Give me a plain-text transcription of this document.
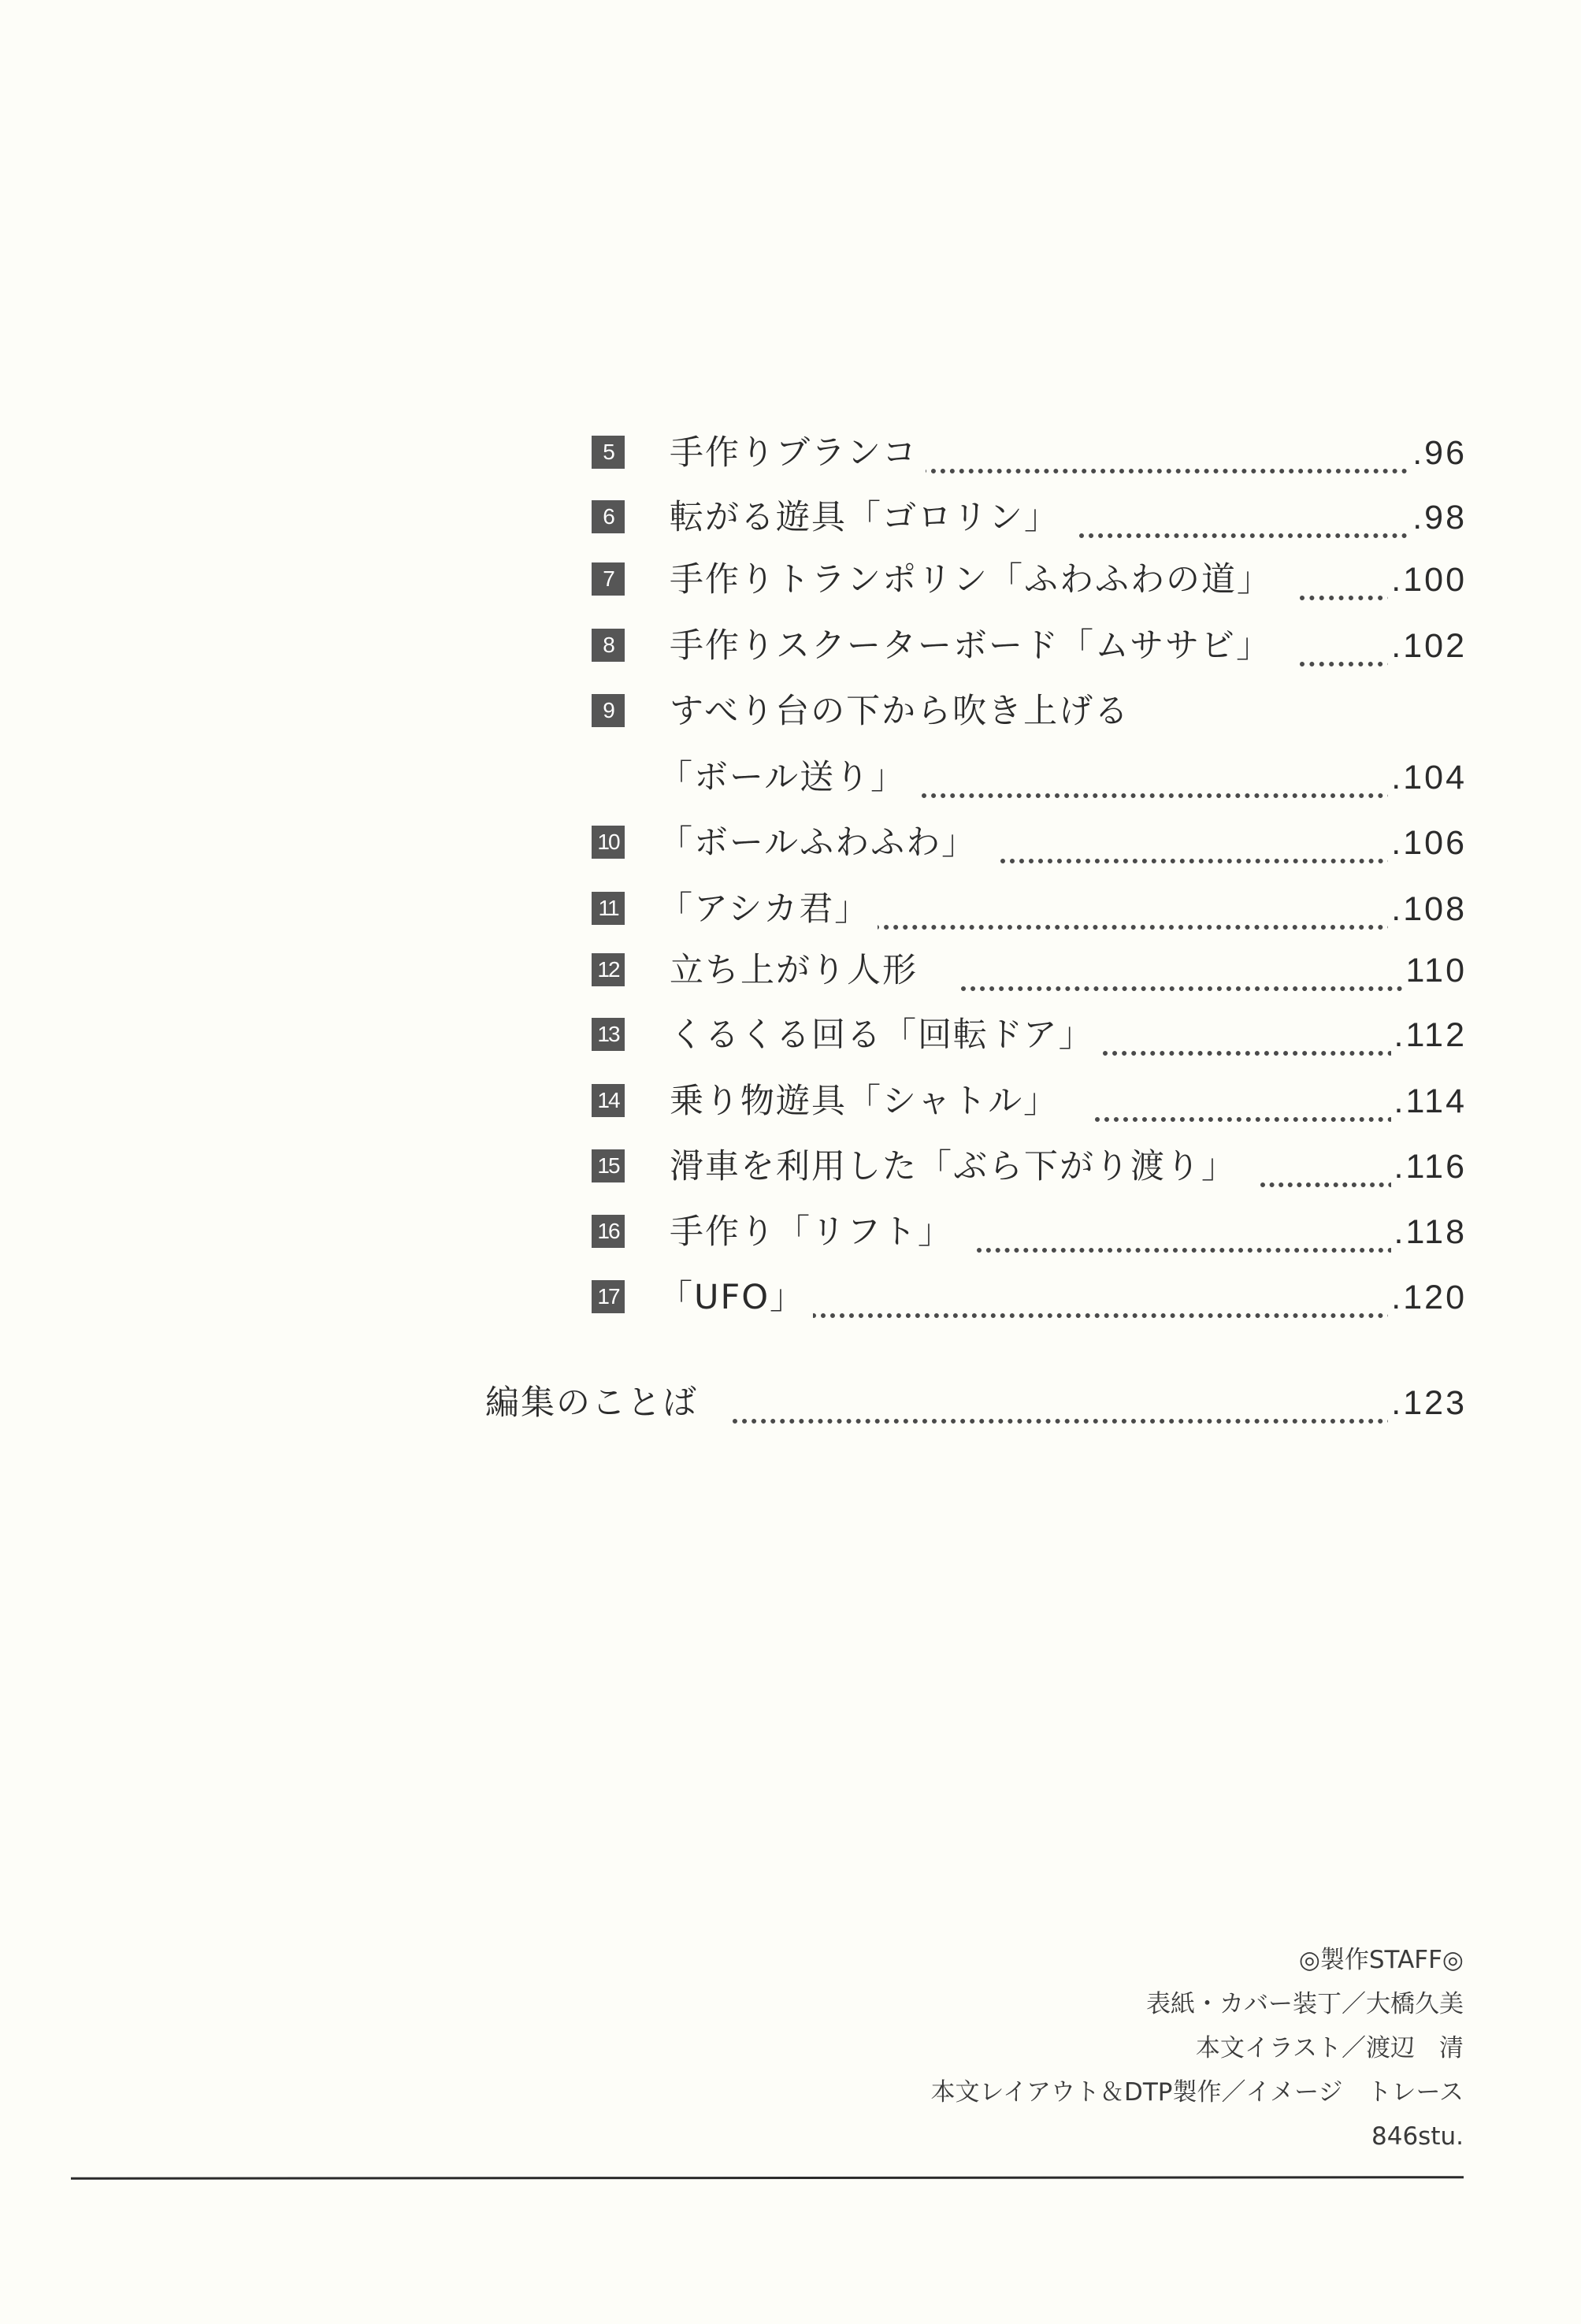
5	手作りブランコ	.96
6	転がる遊具「ゴロリン」	.98
7	手作りトランポリン「ふわふわの道」	.100
8	手作りスクーターボード「ムササビ」	.102
9	すべり台の下から吹き上げる
「ボール送り」	.104
10 「ボールふわふわ」	.106
11 「アシカ君」	.108
12 立ち上がり人形	110
13 くるくる回る「回転ドア」	.112
14 乗り物遊具「シャトル」	.114
15 滑車を利用した「ぶら下がり渡り」	.116
16 手作り「リフト」	.118
17 「UFO」	.120
編集のことば	.123
◎製作STAFF◎
表紙・カバー装丁／大橋久美
本文イラスト／渡辺　清
本文レイアウト＆DTP製作／イメージ　トレース
846stu.
